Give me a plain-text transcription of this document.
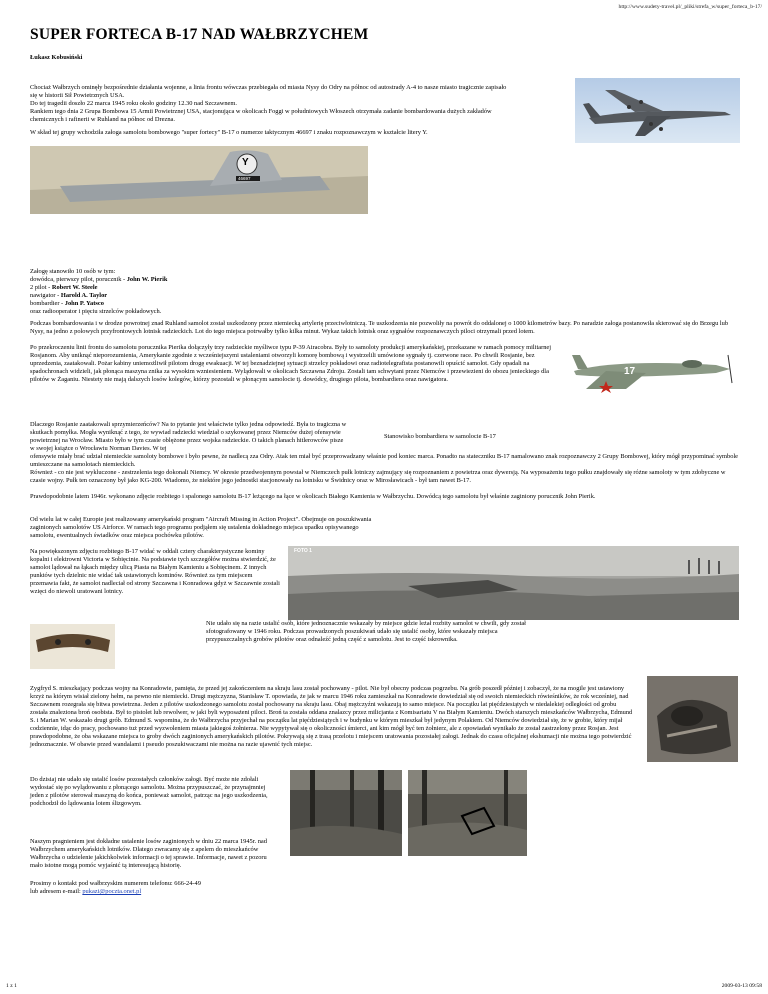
http://www.sudety-travel.pl/_pliki/strefa_w/super_forteca_b-17/
SUPER FORTECA B-17 NAD WAŁBRZYCHEM
Łukasz Kobusiński

Chociaż Wałbrzych ominęły bezpośrednie działania wojenne, a linia frontu wówczas przebiegała od miasta Nysy do Odry na północ od autostrady A-4 to nasze miasto tragicznie zapisało

się w historii Sił Powietrznych USA.

Do tej tragedii doszło 22 marca 1945 roku około godziny 12.30 nad Szczawnem.

Rankiem tego dnia 2 Grupa Bombowa 15 Armii Powietrznej USA, stacjonująca w okolicach Foggi w południowych Włoszech otrzymała zadanie bombardowania dużych zakładów

chemicznych i rafinerii w Ruhland na północ od Drezna.

W skład tej grupy wchodziła załoga samolotu bombowego "super fortecy" B-17 o numerze taktycznym 46697 i znaku rozpoznawczym w kształcie litery Y.

Y
46697

Załogę stanowiło 10 osób w tym:

dowódca, pierwszy pilot, porucznik - John W. Pierik

2 pilot - Robert W. Steele

nawigator - Harold A. Taylor

bombardier - John P. Yatsco

oraz radiooperator i pięciu strzelców pokładowych.

Podczas bombardowania i w drodze powrotnej znad Ruhland samolot został uszkodzony przez niemiecką artylerię przeciwlotniczą. Te uszkodzenia nie pozwoliły na powrót do oddalonej o 1000 kilometrów bazy. Po naradzie załoga postanowiła skierować się do Brzegu lub Nysy, na jedno z polowych przyfrontowych lotnisk radzieckich. Lot do tego miejsca potrwałby tylko kilka minut. Wykaz takich lotnisk oraz sygnałów rozpoznawczych piloci otrzymali przed lotem.

17

Po przekroczeniu linii frontu do samolotu porucznika Pierika dołączyły trzy radzieckie myśliwce typu P-39 Airacobra. Były to samoloty produkcji amerykańskiej, przekazane w ramach pomocy militarnej Rosjanom. Aby uniknąć nieporozumienia, Amerykanie zgodnie z wcześniejszymi ustaleniami otworzyli komorę bombową i wystrzelili umówione sygnały tj. czerwone race. Po chwili Rosjanie, bez uprzedzenia, zaatakowali. Pożar kabiny uniemożliwił pilotom drogę ewakuacji. W tej beznadziejnej sytuacji strzelcy pokładowi oraz radiotelegrafista postanowili opuścić samolot. Gdy opadali na spadochronach widzieli, jak płonąca maszyna znika za wysokim wzniesieniem. Wylądowali w okolicach Szczawna Zdroju. Zostali tam schwytani przez Niemców i przewiezieni do obozu jenieckiego dla pilotów w Żaganiu. Niestety nie mają dalszych losów kolegów, którzy pozostali w płonącym samolocie tj. dowódcy, drugiego pilota, bombardiera oraz nawigatora.

Dlaczego Rosjanie zaatakowali sprzymierzeńców? Na to pytanie jest właściwie tylko jedna odpowiedź. Była to tragiczna w skutkach pomyłka. Mogła wyniknąć z tego, że wywiad radziecki wiedział o szykowanej przez Niemców dużej ofensywie powietrznej na Wrocław. Miasto było w tym czasie oblężone przez wojska radzieckie. O takich planach hitlerowców pisze w swojej książce o Wrocławiu Norman Davies. W tej

Stanowisko bombardiera w samolocie B-17

ofensywie miały brać udział niemieckie samoloty bombowe i było pewne, że nadlecą zza Odry. Atak ten miał być przeprowadzany właśnie pod koniec marca. Ponadto na stateczniku B-17 namalowano znak rozpoznawczy 2 Grupy Bombowej, który mógł przypominać symbole umieszczane na samolotach niemieckich.

Również - co nie jest wykluczone - zestrzelenia tego dokonali Niemcy. W okresie przedwojennym powstał w Niemczech pułk lotniczy zajmujący się rozpoznaniem z powietrza oraz dywersją. Na wyposażeniu tego pułku znajdowały się różne samoloty w tym zdobyczne w czasie wojny. Pułk ten oznaczony był jako KG-200. Wiadomo, że niektóre jego jednostki stacjonowały na lotnisku w Świdnicy oraz w Mirosławicach - był tam nawet B-17.

Prawdopodobnie latem 1946r. wykonano zdjęcie rozbitego i spalonego samolotu B-17 leżącego na łące w okolicach Białego Kamienia w Wałbrzychu. Dowódcą tego samolotu był właśnie zaginiony porucznik John Pierik.

Od wielu lat w całej Europie jest realizowany amerykański program "Aircraft Missing in Action Project". Obejmuje on poszukiwania zaginionych samolotów US Airforce. W ramach tego programu podjąłem się ustalenia dokładnego miejsca upadku opisywanego samolotu, ewentualnych świadków oraz miejsca pochówku pilotów.

Na powiększonym zdjęciu rozbitego B-17 widać w oddali cztery charakterystyczne kominy kopalni i elektrowni Victoria w Sobięcinie. Na podstawie tych szczegółów można stwierdzić, że samolot lądował na łąkach między ulicą Piasta na Białym Kamieniu a Sobięcinem. Z innych punktów tych dzielnic nie widać tak ustawionych kominów. Również za tym miejscem przemawia fakt, że samolot nadleciał od strony Szczawna i Konradowa gdyż w Szczawnie zostali wzięci do niewoli uratowani lotnicy.

FOTO 1

Nie udało się na razie ustalić osób, które jednoznacznie wskazały by miejsce gdzie leżał rozbity samolot w chwili, gdy został sfotografowany w 1946 roku. Podczas prowadzonych poszukiwań udało się ustalić osoby, które wskazały miejsca przypuszczalnych grobów pilotów oraz odnaleźć jedną część z samolotu. Jest to część iskrownika.

Zygfryd S. mieszkający podczas wojny na Konradowie, pamięta, że przed jej zakończeniem na skraju lasu został pochowany - pilot. Nie był obecny podczas pogrzebu. Na grób poszedł później i zobaczył, że na mogile jest ustawiony krzyż na którym wisiał zielony hełm, na pewno nie niemiecki. Drugi mężczyzna, Stanisław T. opowiada, że jak w marcu 1946 roku zamieszkał na Konradowie dowiedział się od swoich niemieckich rówieśników, że rok wcześniej, nad Szczawnem rozegrała się bitwa powietrzna. Jeden z pilotów uszkodzonego samolotu został pochowany na skraju lasu. Obaj mężczyźni wskazują to samo miejsce. Na początku lat pięćdziesiątych w niedalekiej odległości od grobu została znaleziona broń osobista. Był to pistolet lub rewolwer, w jaki byli wyposażeni piloci. Broń ta została oddana znalazcy przez milicjanta z Komisariatu V na Białym Kamieniu. Dwóch starszych mieszkańców Wałbrzycha, Edmund S. i Marian W. wskazało drugi grób. Edmund S. wspomina, że do Wałbrzycha przyjechał na początku lat pięćdziesiątych i w budynku w którym mieszkał był jedynym Polakiem. Od Niemców dowiedział się, że w grobie, który mijał codziennie, idąc do pracy, pochowano tuż przed wyzwoleniem miasta jakiegoś żołnierza. Nie wypytywał się o okoliczności śmierci, ani kim mógł być ten żołnierz, ale z opowiadań wynikało że został zastrzelony przez Rosjan. Jest prawdopodobne, że oba wskazane miejsca to groby dwóch zaginionych amerykańskich pilotów. Pokrywają się z trasą przelotu i miejscem uratowania pozostałej załogi. Jednak do czasu oficjalnej ekshumacji nie można tego potwierdzić jednoznacznie. W obawie przed wandalami i pseudo poszukiwaczami nie można na razie ujawnić tych miejsc.

Do dzisiaj nie udało się ustalić losów pozostałych członków załogi. Być może nie zdołali wydostać się po wylądowaniu z płonącego samolotu. Można przypuszczać, że przynajmniej jeden z pilotów sterował maszyną do końca, ponieważ samolot, patrząc na jego uszkodzenia, podchodził do lądowania lotem ślizgowym.

Naszym pragnieniem jest dokładne ustalenie losów zaginionych w dniu 22 marca 1945r. nad Wałbrzychem amerykańskich lotników. Dlatego zwracamy się z apelem do mieszkańców Wałbrzycha o udzielenie jakichkolwiek informacji o tej sprawie. Informacje, nawet z pozoru mało istotne mogą pomóc wyjaśnić tą interesującą historię.

Prosimy o kontakt pod wałbrzyskim numerem telefonu: 666-24-49

lub adresem e-mail: pukazi@poczta.onet.pl

1 z 1	2009-03-13 09:58
